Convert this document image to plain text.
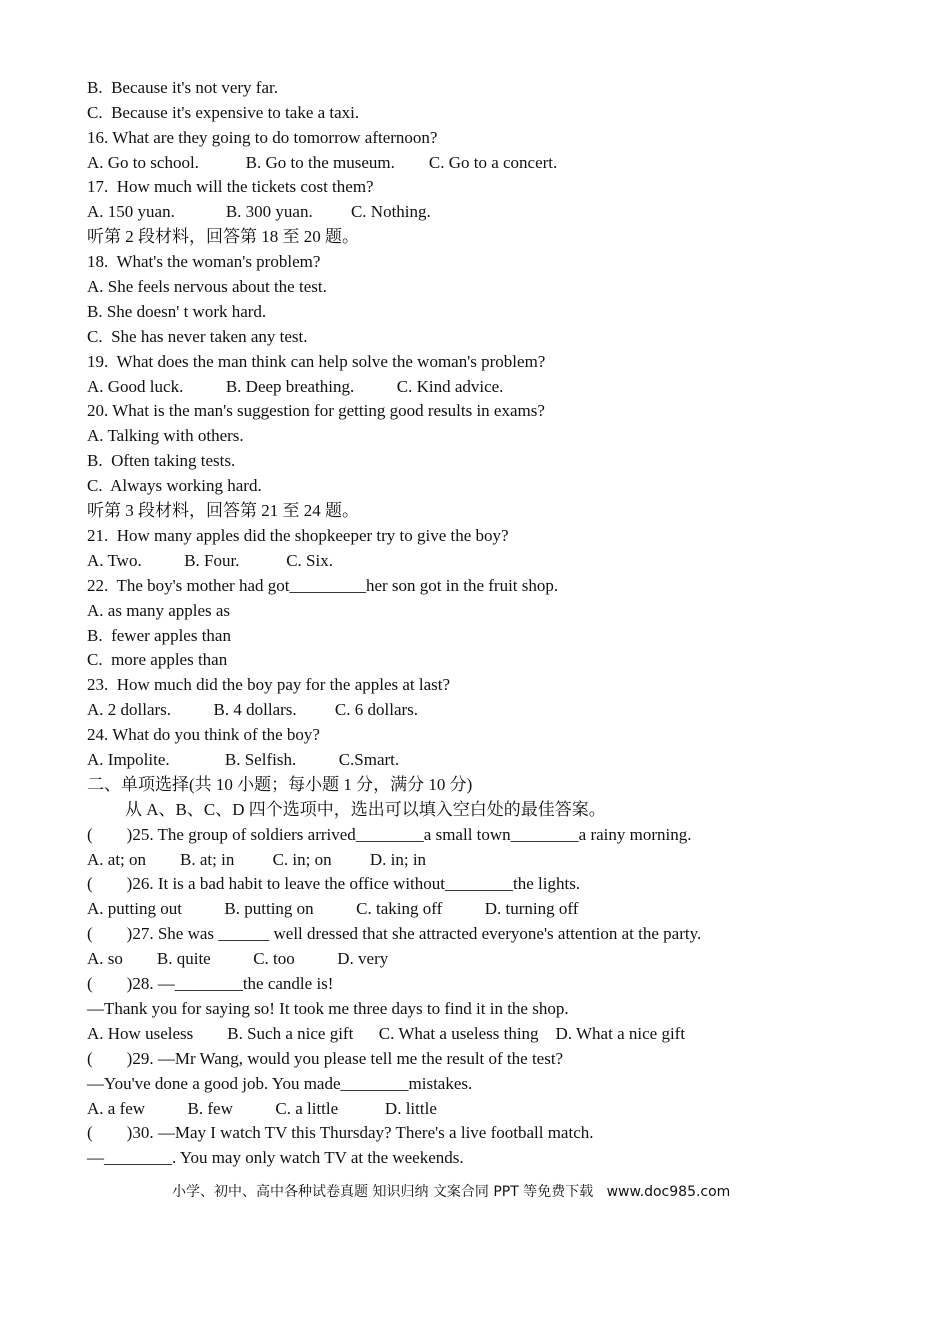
B.  Because it's not very far.
C.  Because it's expensive to take a taxi.
16. What are they going to do tomorrow afternoon?
A. Go to school.           B. Go to the museum.        C. Go to a concert.
17.  How much will the tickets cost them?
A. 150 yuan.            B. 300 yuan.         C. Nothing.
听第 2 段材料，回答第 18 至 20 题。
18.  What's the woman's problem?
A. She feels nervous about the test.
B. She doesn' t work hard.
C.  She has never taken any test.
19.  What does the man think can help solve the woman's problem?
A. Good luck.          B. Deep breathing.          C. Kind advice.
20. What is the man's suggestion for getting good results in exams?
A. Talking with others.
B.  Often taking tests.
C.  Always working hard.
听第 3 段材料，回答第 21 至 24 题。
21.  How many apples did the shopkeeper try to give the boy?
A. Two.          B. Four.           C. Six.
22.  The boy's mother had got_________her son got in the fruit shop.
A. as many apples as
B.  fewer apples than
C.  more apples than
23.  How much did the boy pay for the apples at last?
A. 2 dollars.          B. 4 dollars.         C. 6 dollars.
24. What do you think of the boy?
A. Impolite.             B. Selfish.          C.Smart.
二、单项选择(共 10 小题；每小题 1 分，满分 10 分)
从 A、B、C、D 四个选项中，选出可以填入空白处的最佳答案。
(        )25. The group of soldiers arrived________a small town________a rainy morning.
A. at; on        B. at; in         C. in; on         D. in; in
(        )26. It is a bad habit to leave the office without________the lights.
A. putting out          B. putting on          C. taking off          D. turning off
(        )27. She was ______ well dressed that she attracted everyone's attention at the party.
A. so        B. quite          C. too          D. very
(        )28. —________the candle is!
—Thank you for saying so! It took me three days to find it in the shop.
A. How useless        B. Such a nice gift      C. What a useless thing    D. What a nice gift
(        )29. —Mr Wang, would you please tell me the result of the test?
—You've done a good job. You made________mistakes.
A. a few          B. few          C. a little           D. little
(        )30. —May I watch TV this Thursday? There's a live football match.
—________. You may only watch TV at the weekends.
小学、初中、高中各种试卷真题 知识归纳 文案合同 PPT 等免费下载   www.doc985.com
